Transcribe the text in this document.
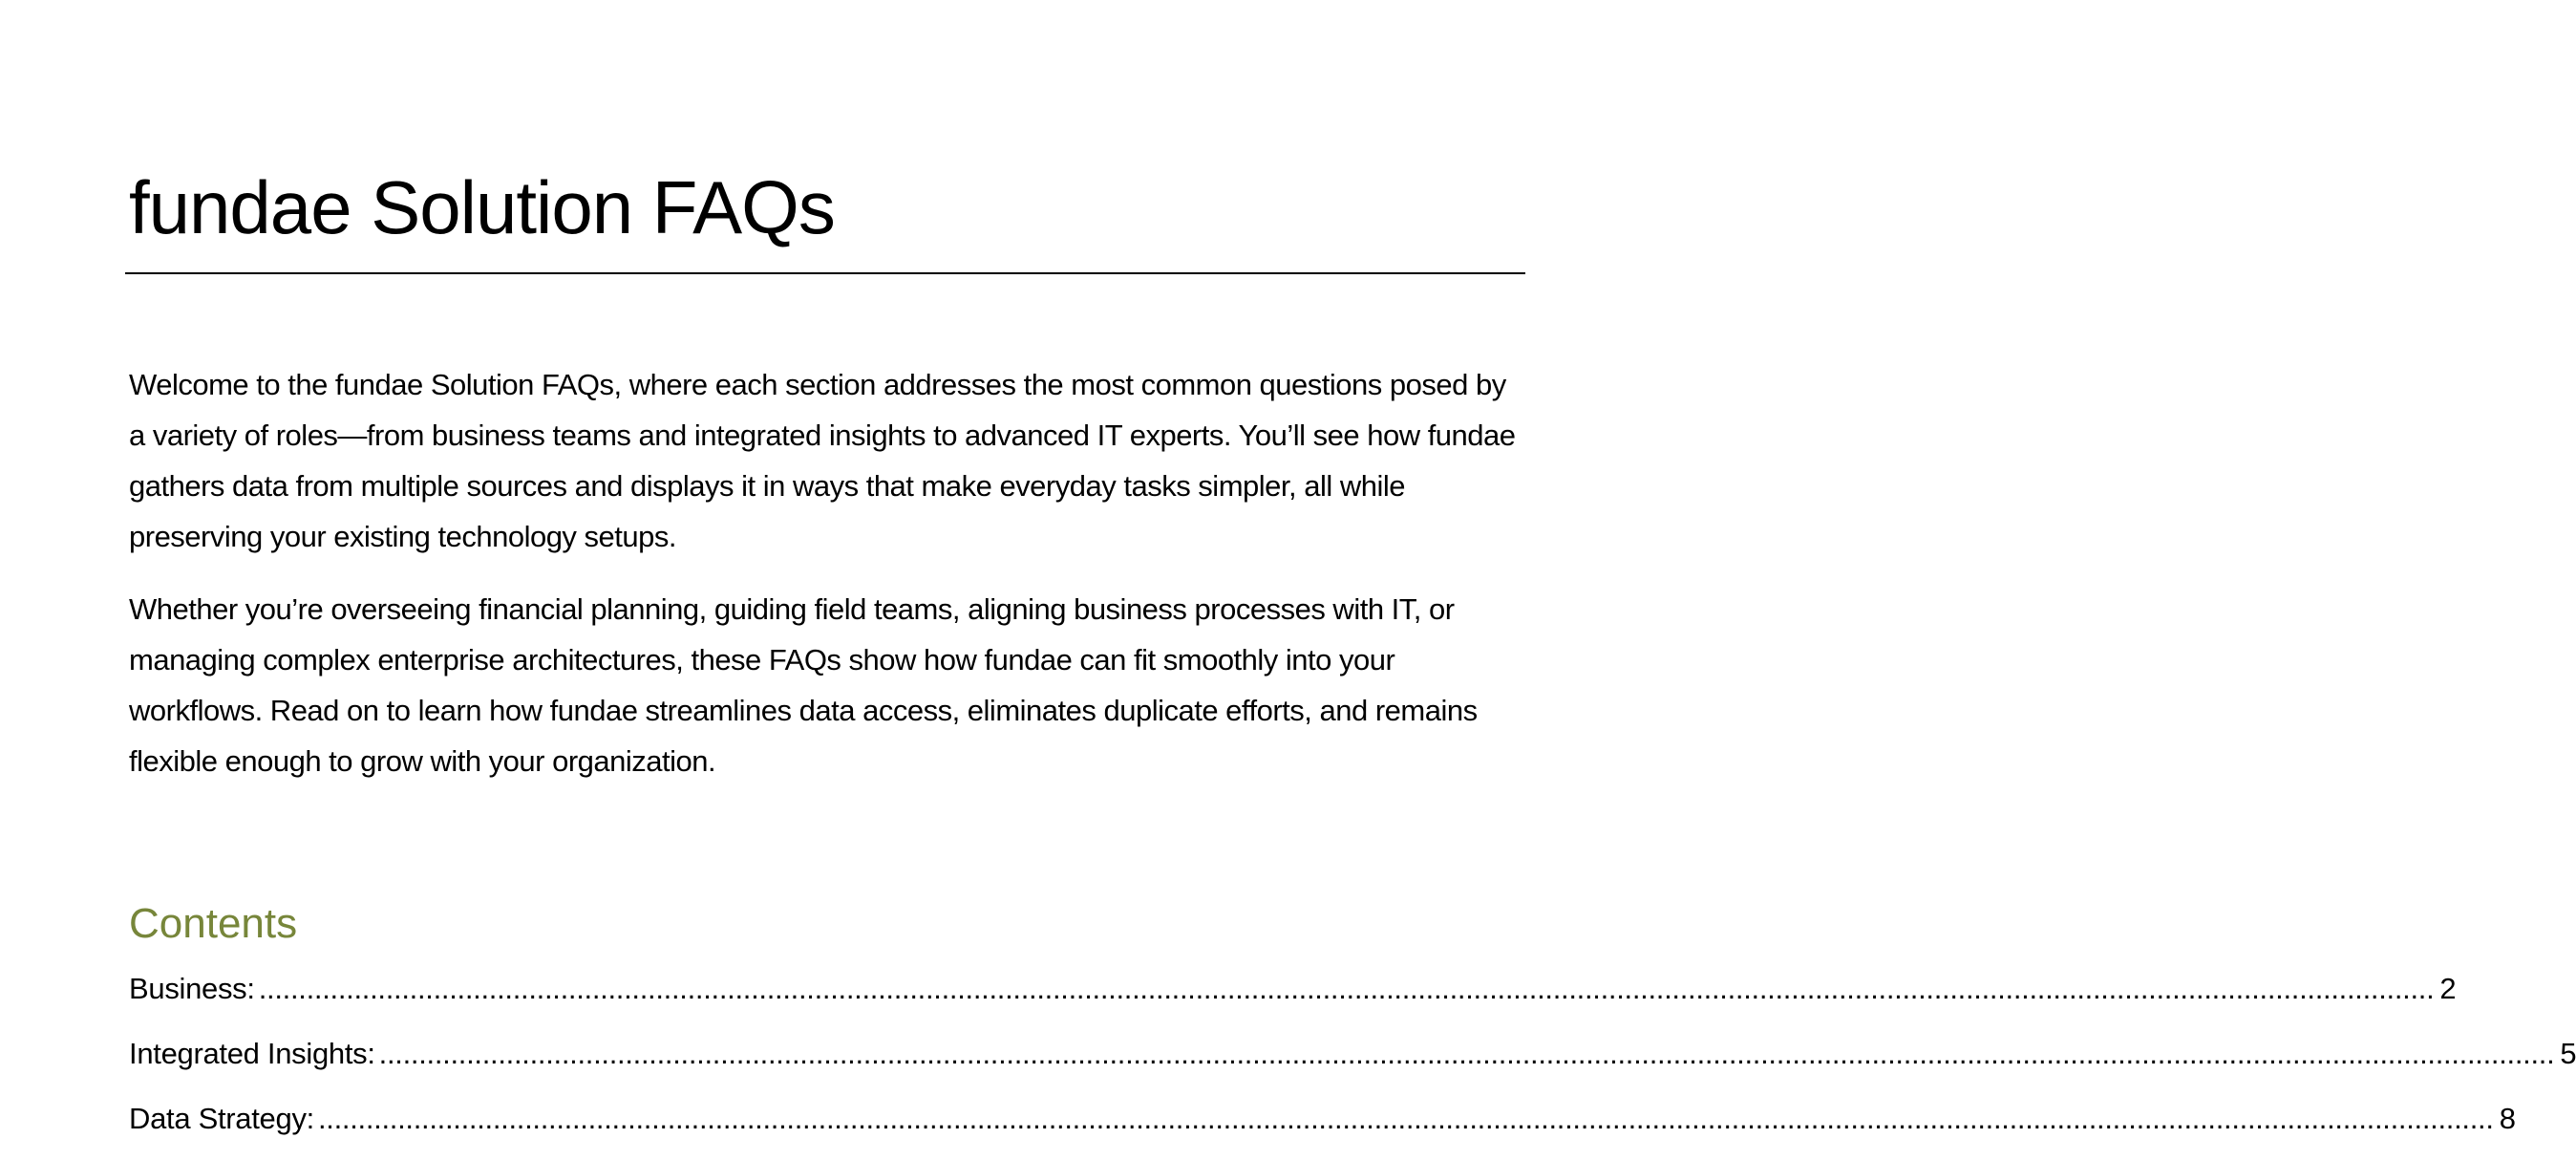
fundae Solution FAQs

Welcome to the fundae Solution FAQs, where each section addresses the most common questions posed by a variety of roles—from business teams and integrated insights to advanced IT experts. You’ll see how fundae gathers data from multiple sources and displays it in ways that make everyday tasks simpler, all while preserving your existing technology setups.

Whether you’re overseeing financial planning, guiding field teams, aligning business processes with IT, or managing complex enterprise architectures, these FAQs show how fundae can fit smoothly into your workflows. Read on to learn how fundae streamlines data access, eliminates duplicate efforts, and remains flexible enough to grow with your organization.

Contents
Business: .....	2
Integrated Insights: .....	5
Data Strategy: .....	8
